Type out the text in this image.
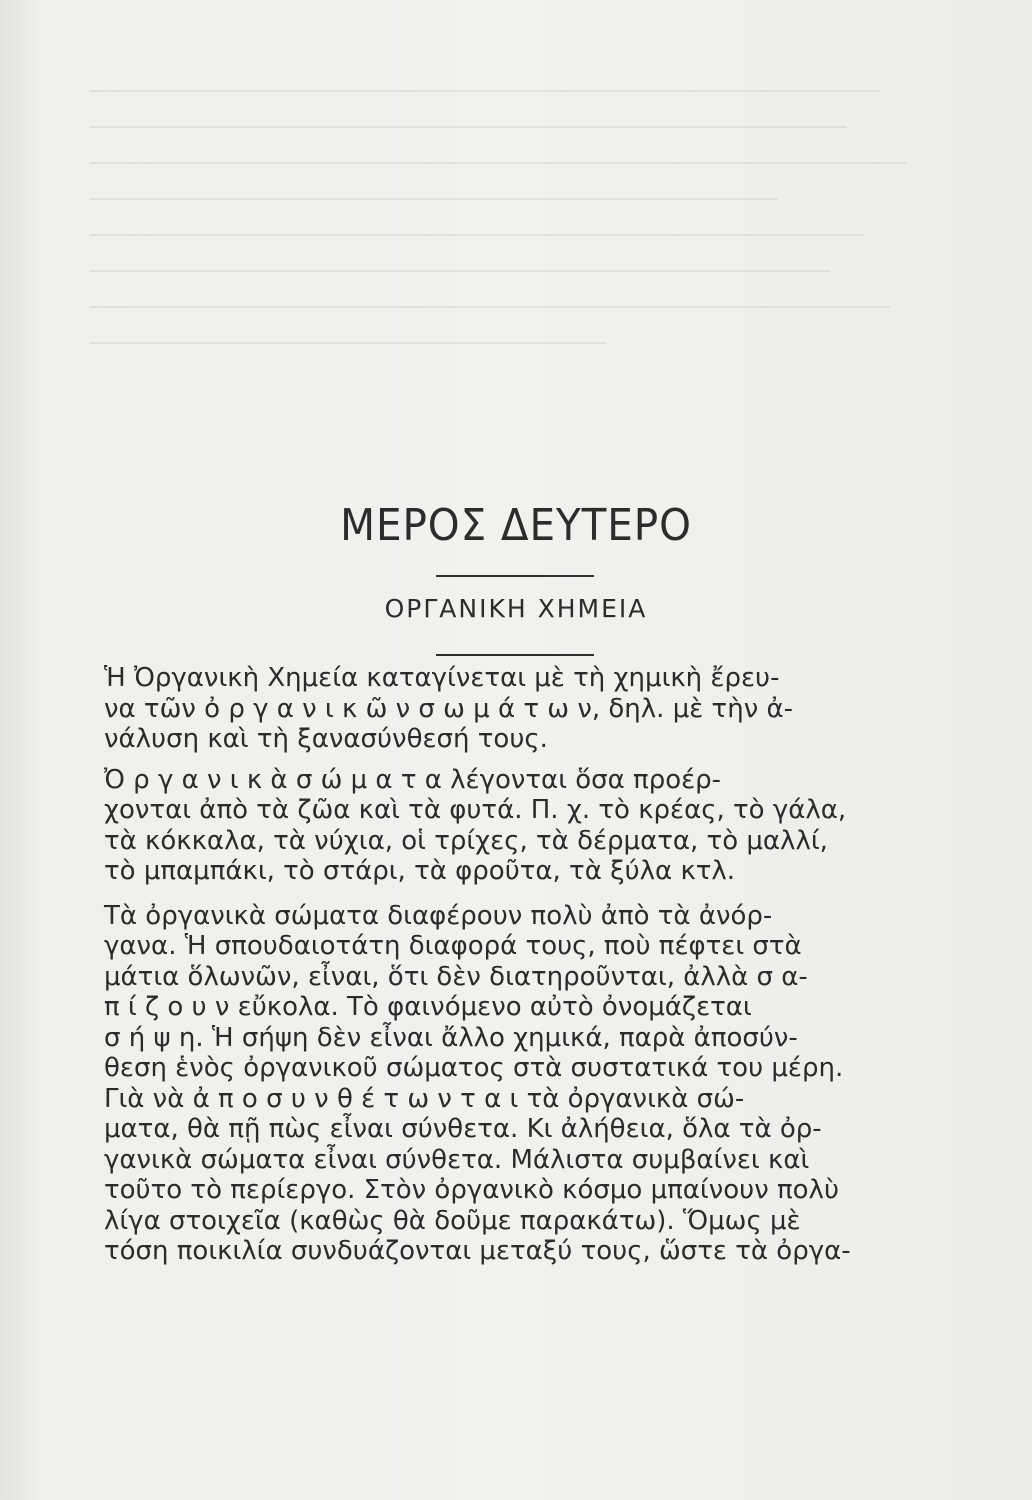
ΜΕΡΟΣ ΔΕΥΤΕΡΟ
ΟΡΓΑΝΙΚΗ ΧΗΜΕΙΑ

Ἡ Ὀργανικὴ Χημεία καταγίνεται μὲ τὴ χημικὴ ἔρευ-
να τῶν ὀ ρ γ α ν ι κ ῶ ν σ ω μ ά τ ω ν, δηλ. μὲ τὴν ἀ-
νάλυση καὶ τὴ ξανασύνθεσή τους.

Ὀ ρ γ α ν ι κ ὰ σ ώ μ α τ α λέγονται ὅσα προέρ-
χονται ἀπὸ τὰ ζῶα καὶ τὰ φυτά. Π. χ. τὸ κρέας, τὸ γάλα,
τὰ κόκκαλα, τὰ νύχια, οἱ τρίχες, τὰ δέρματα, τὸ μαλλί,
τὸ μπαμπάκι, τὸ στάρι, τὰ φροῦτα, τὰ ξύλα κτλ.

Τὰ ὀργανικὰ σώματα διαφέρουν πολὺ ἀπὸ τὰ ἀνόρ-
γανα. Ἡ σπουδαιοτάτη διαφορά τους, ποὺ πέφτει στὰ
μάτια ὅλωνῶν, εἶναι, ὅτι δὲν διατηροῦνται, ἀλλὰ σ α-
π ί ζ ο υ ν εὔκολα. Τὸ φαινόμενο αὐτὸ ὀνομάζεται
σ ή ψ η. Ἡ σήψη δὲν εἶναι ἄλλο χημικά, παρὰ ἀποσύν-
θεση ἑνὸς ὀργανικοῦ σώματος στὰ συστατικά του μέρη.

Γιὰ νὰ ἀ π ο σ υ ν θ έ τ ω ν τ α ι τὰ ὀργανικὰ σώ-
ματα, θὰ πῇ πὼς εἶναι σύνθετα. Κι ἀλήθεια, ὅλα τὰ ὀρ-
γανικὰ σώματα εἶναι σύνθετα. Μάλιστα συμβαίνει καὶ
τοῦτο τὸ περίεργο. Στὸν ὀργανικὸ κόσμο μπαίνουν πολὺ
λίγα στοιχεῖα (καθὼς θὰ δοῦμε παρακάτω). Ὅμως μὲ
τόση ποικιλία συνδυάζονται μεταξύ τους, ὥστε τὰ ὀργα-
